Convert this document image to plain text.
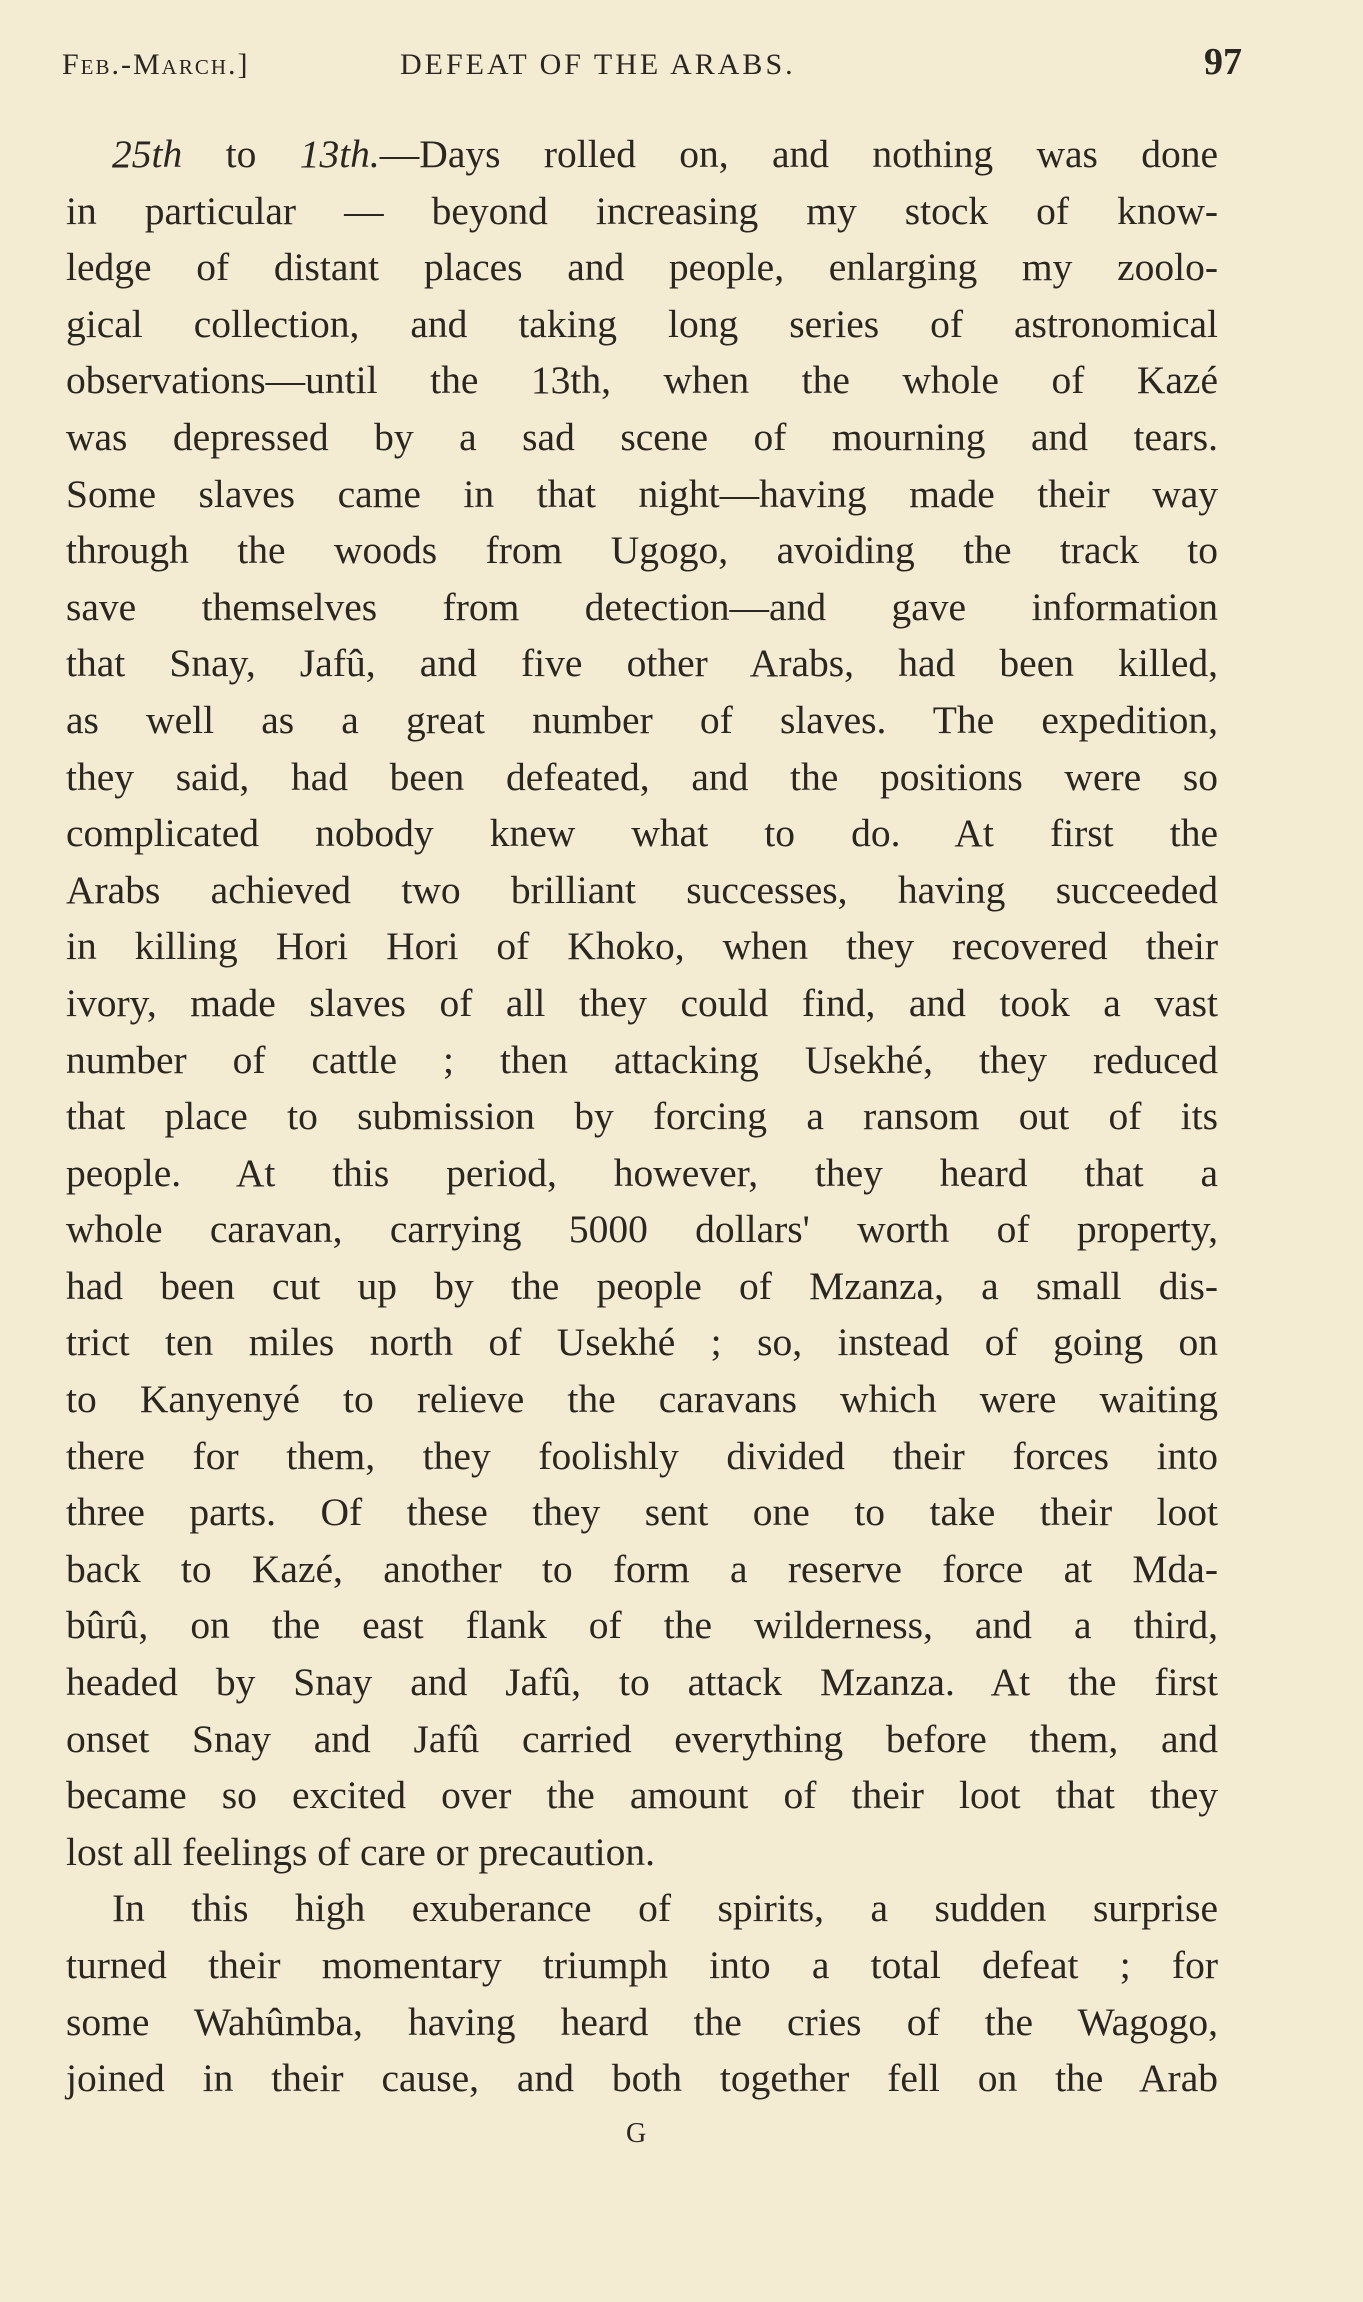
Feb.-March.]	DEFEAT OF THE ARABS.	97
25th to 13th.—Days rolled on, and nothing was done
in particular — beyond increasing my stock of know-
ledge of distant places and people, enlarging my zoolo-
gical collection, and taking long series of astronomical
observations—until the 13th, when the whole of Kazé
was depressed by a sad scene of mourning and tears.
Some slaves came in that night—having made their way
through the woods from Ugogo, avoiding the track to
save themselves from detection—and gave information
that Snay, Jafû, and five other Arabs, had been killed,
as well as a great number of slaves. The expedition,
they said, had been defeated, and the positions were so
complicated nobody knew what to do. At first the
Arabs achieved two brilliant successes, having succeeded
in killing Hori Hori of Khoko, when they recovered their
ivory, made slaves of all they could find, and took a vast
number of cattle ; then attacking Usekhé, they reduced
that place to submission by forcing a ransom out of its
people. At this period, however, they heard that a
whole caravan, carrying 5000 dollars' worth of property,
had been cut up by the people of Mzanza, a small dis-
trict ten miles north of Usekhé ; so, instead of going on
to Kanyenyé to relieve the caravans which were waiting
there for them, they foolishly divided their forces into
three parts. Of these they sent one to take their loot
back to Kazé, another to form a reserve force at Mda-
bûrû, on the east flank of the wilderness, and a third,
headed by Snay and Jafû, to attack Mzanza. At the first
onset Snay and Jafû carried everything before them, and
became so excited over the amount of their loot that they
lost all feelings of care or precaution.
In this high exuberance of spirits, a sudden surprise
turned their momentary triumph into a total defeat ; for
some Wahûmba, having heard the cries of the Wagogo,
joined in their cause, and both together fell on the Arab
G
